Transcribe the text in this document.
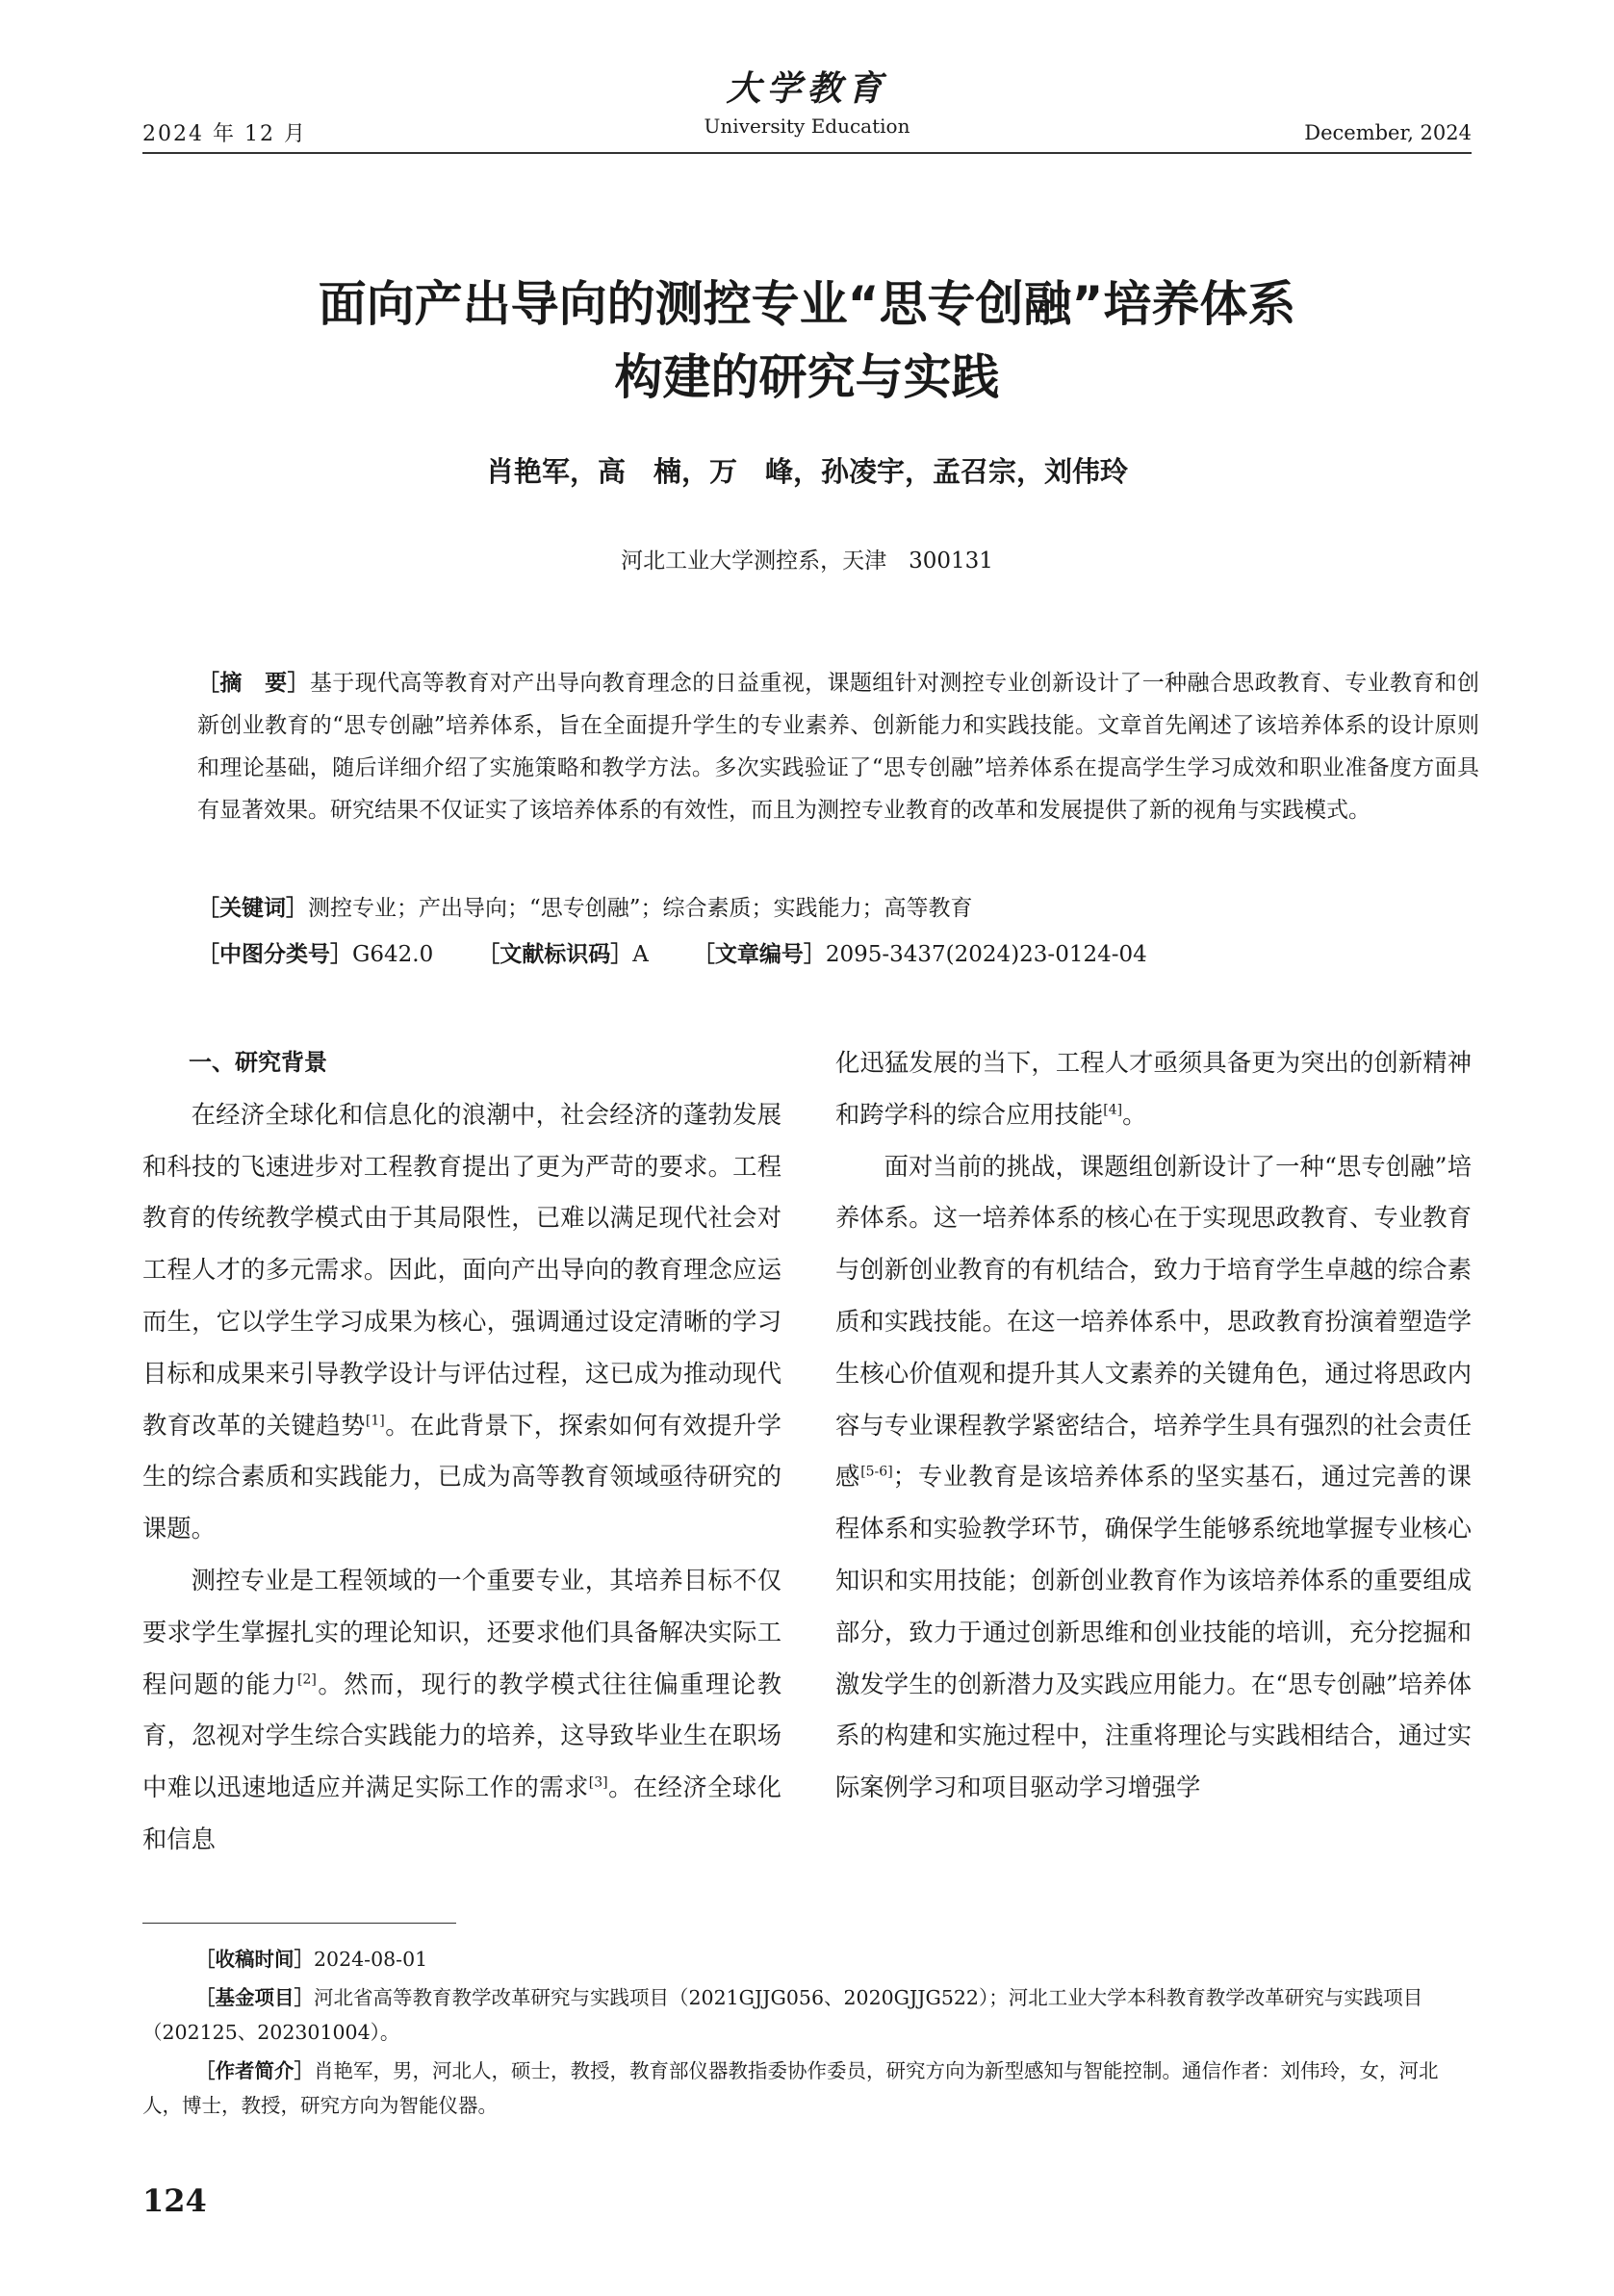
2024 年 12 月
大学教育
University Education	December, 2024
面向产出导向的测控专业“思专创融”培养体系
构建的研究与实践
肖艳军，高　楠，万　峰，孙凌宇，孟召宗，刘伟玲
河北工业大学测控系，天津　300131
［摘　要］基于现代高等教育对产出导向教育理念的日益重视，课题组针对测控专业创新设计了一种融合思政教育、专业教育和创新创业教育的“思专创融”培养体系，旨在全面提升学生的专业素养、创新能力和实践技能。文章首先阐述了该培养体系的设计原则和理论基础，随后详细介绍了实施策略和教学方法。多次实践验证了“思专创融”培养体系在提高学生学习成效和职业准备度方面具有显著效果。研究结果不仅证实了该培养体系的有效性，而且为测控专业教育的改革和发展提供了新的视角与实践模式。
［关键词］测控专业；产出导向；“思专创融”；综合素质；实践能力；高等教育
［中图分类号］G642.0 ［文献标识码］A ［文章编号］2095-3437(2024)23-0124-04

一、研究背景

在经济全球化和信息化的浪潮中，社会经济的蓬勃发展和科技的飞速进步对工程教育提出了更为严苛的要求。工程教育的传统教学模式由于其局限性，已难以满足现代社会对工程人才的多元需求。因此，面向产出导向的教育理念应运而生，它以学生学习成果为核心，强调通过设定清晰的学习目标和成果来引导教学设计与评估过程，这已成为推动现代教育改革的关键趋势[1]。在此背景下，探索如何有效提升学生的综合素质和实践能力，已成为高等教育领域亟待研究的课题。

测控专业是工程领域的一个重要专业，其培养目标不仅要求学生掌握扎实的理论知识，还要求他们具备解决实际工程问题的能力[2]。然而，现行的教学模式往往偏重理论教育，忽视对学生综合实践能力的培养，这导致毕业生在职场中难以迅速地适应并满足实际工作的需求[3]。在经济全球化和信息

化迅猛发展的当下，工程人才亟须具备更为突出的创新精神和跨学科的综合应用技能[4]。

面对当前的挑战，课题组创新设计了一种“思专创融”培养体系。这一培养体系的核心在于实现思政教育、专业教育与创新创业教育的有机结合，致力于培育学生卓越的综合素质和实践技能。在这一培养体系中，思政教育扮演着塑造学生核心价值观和提升其人文素养的关键角色，通过将思政内容与专业课程教学紧密结合，培养学生具有强烈的社会责任感[5-6]；专业教育是该培养体系的坚实基石，通过完善的课程体系和实验教学环节，确保学生能够系统地掌握专业核心知识和实用技能；创新创业教育作为该培养体系的重要组成部分，致力于通过创新思维和创业技能的培训，充分挖掘和激发学生的创新潜力及实践应用能力。在“思专创融”培养体系的构建和实施过程中，注重将理论与实践相结合，通过实际案例学习和项目驱动学习增强学

［收稿时间］2024-08-01
［基金项目］河北省高等教育教学改革研究与实践项目（2021GJJG056、2020GJJG522）；河北工业大学本科教育教学改革研究与实践项目（202125、202301004）。
［作者简介］肖艳军，男，河北人，硕士，教授，教育部仪器教指委协作委员，研究方向为新型感知与智能控制。通信作者：刘伟玲，女，河北人，博士，教授，研究方向为智能仪器。
124
